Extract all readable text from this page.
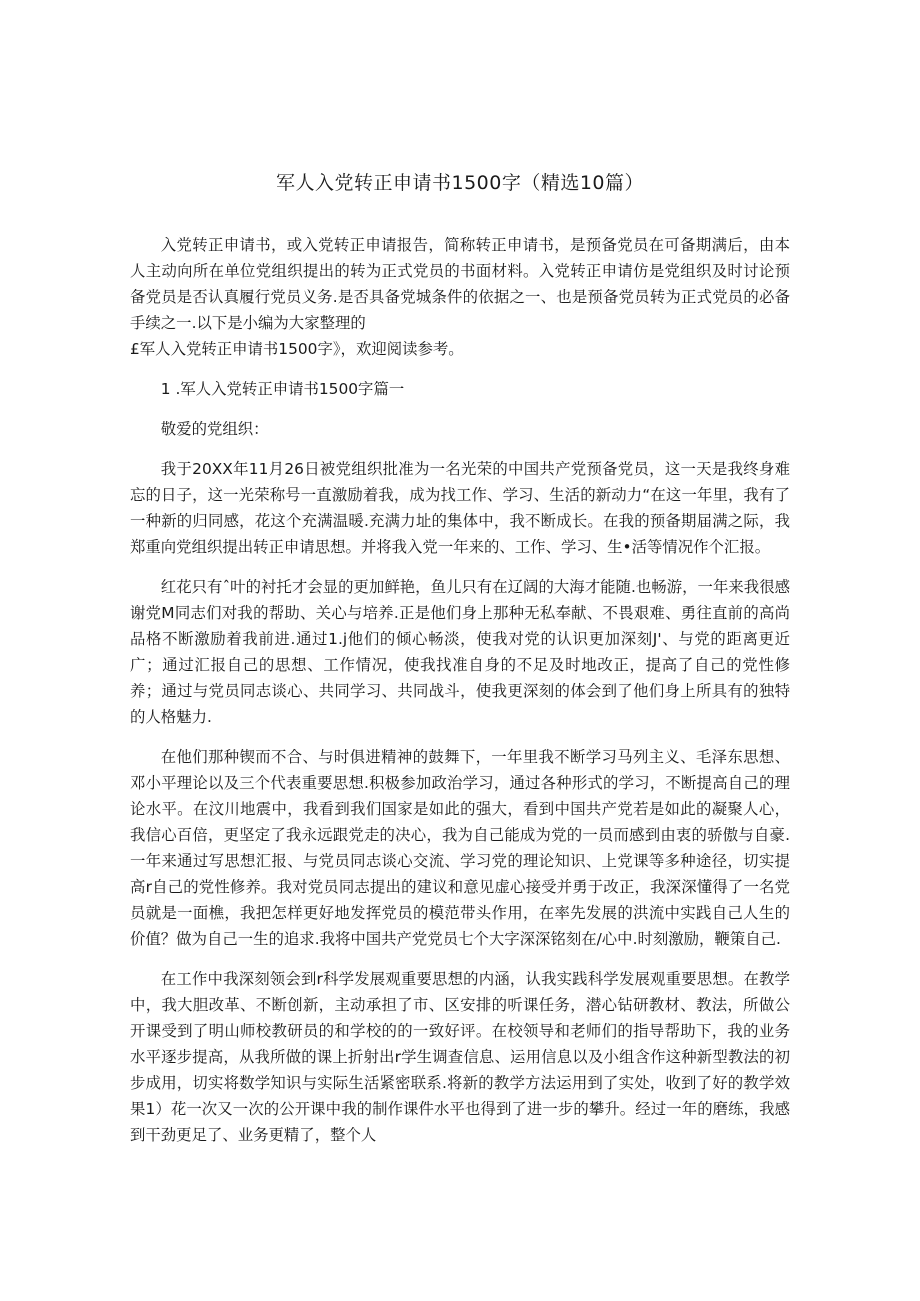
军人入党转正申请书1500字（精选10篇）

入党转正申请书，或入党转正申请报告，简称转正申请书，是预备党员在可备期满后，由本人主动向所在单位党组织提出的转为正式党员的书面材料。入党转正申请仿是党组织及时讨论预备党员是否认真履行党员义务.是否具备党城条件的依据之一、也是预备党员转为正式党员的必备手续之一.以下是小编为大家整理的
£军人入党转正申请书1500字》，欢迎阅读参考。

1 .军人入党转正申请书1500字篇一

敬爱的党组织：

我于20XX年11月26日被党组织批准为一名光荣的中国共产党预备党员，这一天是我终身难忘的日子，这一光荣称号一直激励着我，成为找工作、学习、生活的新动力“在这一年里，我有了一种新的归同感，花这个充满温暖.充满力址的集体中，我不断成长。在我的预备期届满之际，我郑重向党组织提出转正申请思想。并将我入党一年来的、工作、学习、生•活等情况作个汇报。

红花只有ˆ叶的衬托才会显的更加鲜艳，鱼儿只有在辽阔的大海才能随.也畅游，一年来我很感谢党M同志们对我的帮助、关心与培养.正是他们身上那种无私奉献、不畏艰难、勇往直前的高尚品格不断激励着我前进.通过1.j他们的倾心畅淡，使我对党的认识更加深刻J'、与党的距离更近广；通过汇报自己的思想、工作情况，使我找准自身的不足及时地改正，提高了自己的党性修养；通过与党员同志谈心、共同学习、共同战斗，使我更深刻的体会到了他们身上所具有的独特的人格魅力.

在他们那种锲而不合、与时俱进精神的鼓舞下，一年里我不断学习马列主义、毛泽东思想、邓小平理论以及三个代表重要思想.积极参加政治学习，通过各种形式的学习，不断提高自己的理论水平。在汶川地震中，我看到我们国家是如此的强大，看到中国共产党若是如此的凝聚人心，我信心百倍，更坚定了我永远跟党走的决心，我为自己能成为党的一员而感到由衷的骄傲与自豪.一年来通过写思想汇报、与党员同志谈心交流、学习党的理论知识、上党课等多种途径，切实提高r自己的党性修养。我对党员同志提出的建议和意见虚心接受并勇于改正，我深深懂得了一名党员就是一面樵，我把怎样更好地发挥党员的模范带头作用，在率先发展的洪流中实践自己人生的价值？做为自己一生的追求.我将中国共产党党员七个大字深深铭刻在/心中.时刻激励，鞭策自己.

在工作中我深刻领会到r科学发展观重要思想的内涵，认我实践科学发展观重要思想。在教学中，我大胆改革、不断创新，主动承担了市、区安排的听课任务，潜心钻研教材、教法，所做公开课受到了明山师校教研员的和学校的的一致好评。在校领导和老师们的指导帮助下，我的业务水平逐步提高，从我所做的课上折射出r学生调查信息、运用信息以及小组含作这种新型教法的初步成用，切实将数学知识与实际生活紧密联系.将新的教学方法运用到了实处，收到了好的教学效果1）花一次又一次的公开课中我的制作课件水平也得到了进一步的攀升。经过一年的磨练，我感到干劲更足了、业务更精了，整个人
